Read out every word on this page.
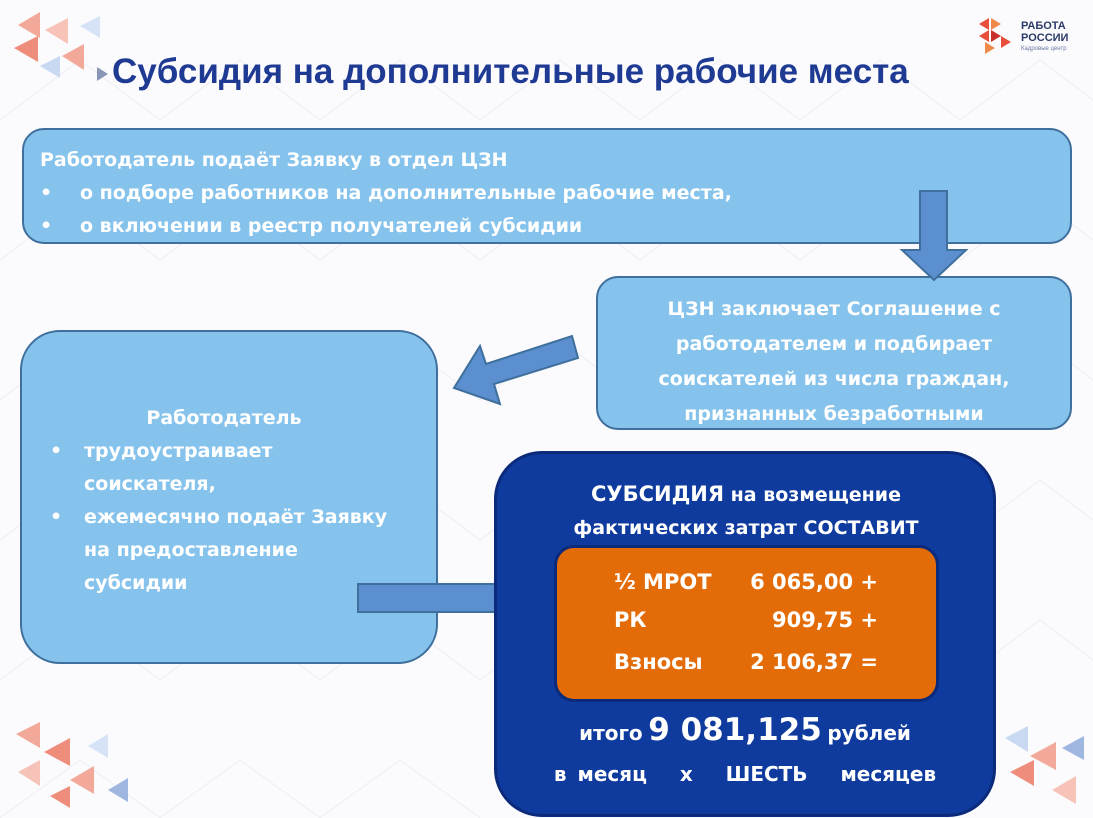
Субсидия на дополнительные рабочие места
РАБОТА
РОССИИ
Кадровые центр
Работодатель подаёт Заявку в отдел ЦЗН
•	о подборе работников на дополнительные рабочие места,
•	о включении в реестр получателей субсидии
ЦЗН заключает Соглашение с
работодателем и подбирает
соискателей из числа граждан,
признанных безработными
Работодатель
•	трудоустраивает
соискателя,
•	ежемесячно подаёт Заявку
на предоставление
субсидии
СУБСИДИЯ на возмещение
фактических затрат СОСТАВИТ
½ МРОТ	6 065,00 +
РК	909,75 +
Взносы	2 106,37 =
итого 9 081,125 рублей
в месяц   х   ШЕСТЬ   месяцев
